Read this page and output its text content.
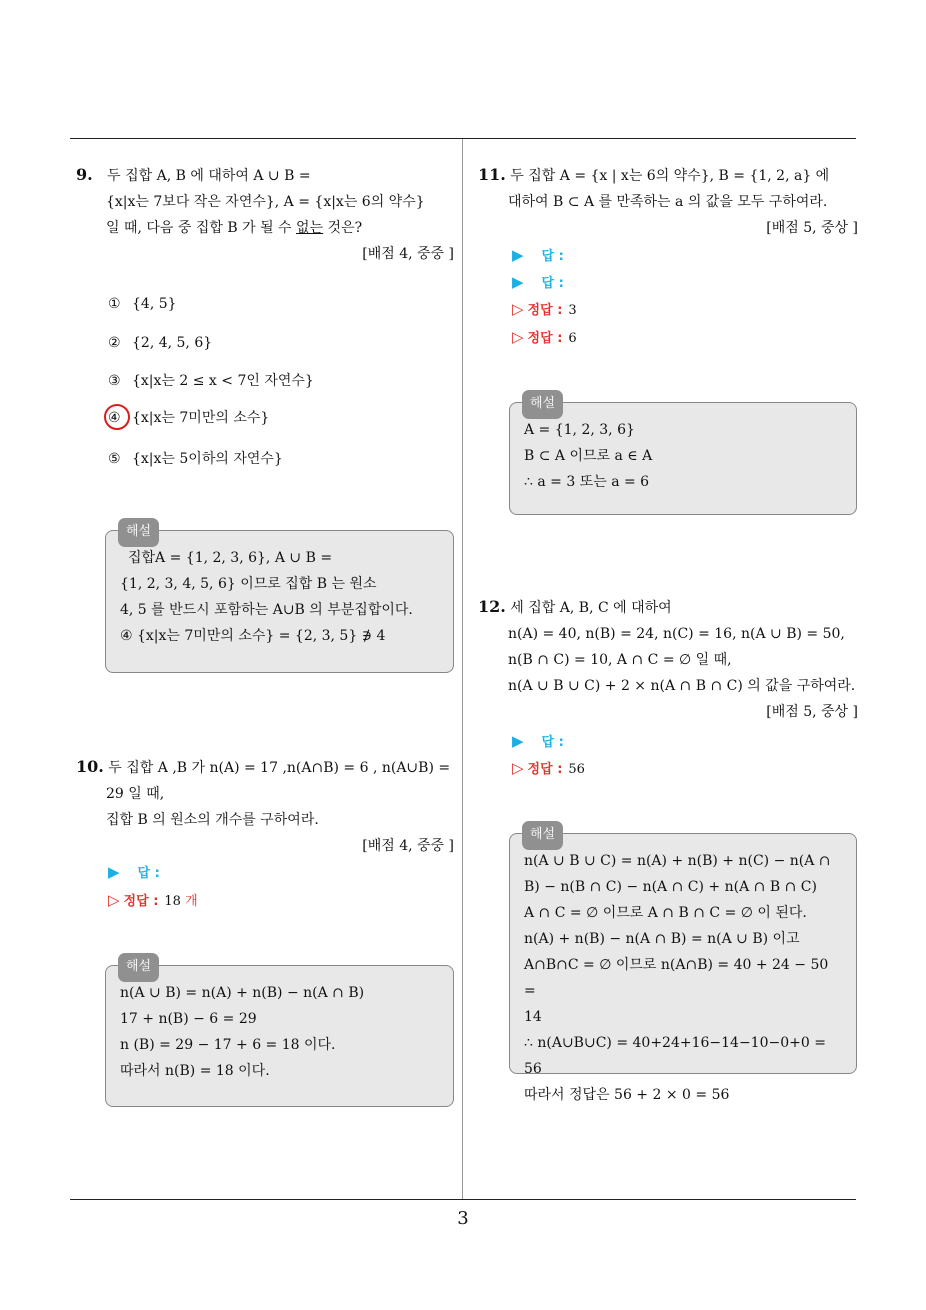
3
9. 두 집합 A, B 에 대하여 A ∪ B =
{x|x는 7보다 작은 자연수}, A = {x|x는 6의 약수}
일 때, 다음 중 집합 B 가 될 수 없는 것은?
[배점 4, 중중 ]
① {4, 5}
② {2, 4, 5, 6}
③ {x|x는 2 ≤ x < 7인 자연수}
④ {x|x는 7미만의 소수}
⑤ {x|x는 5이하의 자연수}
해설
집합A = {1, 2, 3, 6}, A ∪ B =
{1, 2, 3, 4, 5, 6} 이므로 집합 B 는 원소
4, 5 를 반드시 포함하는 A∪B 의 부분집합이다.
④ {x|x는 7미만의 소수} = {2, 3, 5} ∌ 4
10. 두 집합 A ,B 가 n(A) = 17 ,n(A∩B) = 6 , n(A∪B) =
29 일 때,
집합 B 의 원소의 개수를 구하여라.
[배점 4, 중중 ]
▶ 답 :
▷ 정답 : 18 개
해설
n(A ∪ B) = n(A) + n(B) − n(A ∩ B)
17 + n(B) − 6 = 29
n (B) = 29 − 17 + 6 = 18 이다.
따라서 n(B) = 18 이다.
11. 두 집합 A = {x | x는 6의 약수}, B = {1, 2, a} 에
대하여 B ⊂ A 를 만족하는 a 의 값을 모두 구하여라.
[배점 5, 중상 ]
▶ 답 :
▶ 답 :
▷ 정답 : 3
▷ 정답 : 6
해설
A = {1, 2, 3, 6}
B ⊂ A 이므로 a ∈ A
∴ a = 3 또는 a = 6
12. 세 집합 A, B, C 에 대하여
n(A) = 40, n(B) = 24, n(C) = 16, n(A ∪ B) = 50,
n(B ∩ C) = 10, A ∩ C = ∅ 일 때,
n(A ∪ B ∪ C) + 2 × n(A ∩ B ∩ C) 의 값을 구하여라.
[배점 5, 중상 ]
▶ 답 :
▷ 정답 : 56
해설
n(A ∪ B ∪ C) = n(A) + n(B) + n(C) − n(A ∩
B) − n(B ∩ C) − n(A ∩ C) + n(A ∩ B ∩ C)
A ∩ C = ∅ 이므로 A ∩ B ∩ C = ∅ 이 된다.
n(A) + n(B) − n(A ∩ B) = n(A ∪ B) 이고
A∩B∩C = ∅ 이므로 n(A∩B) = 40 + 24 − 50 =
14
∴ n(A∪B∪C) = 40+24+16−14−10−0+0 = 56
따라서 정답은 56 + 2 × 0 = 56
